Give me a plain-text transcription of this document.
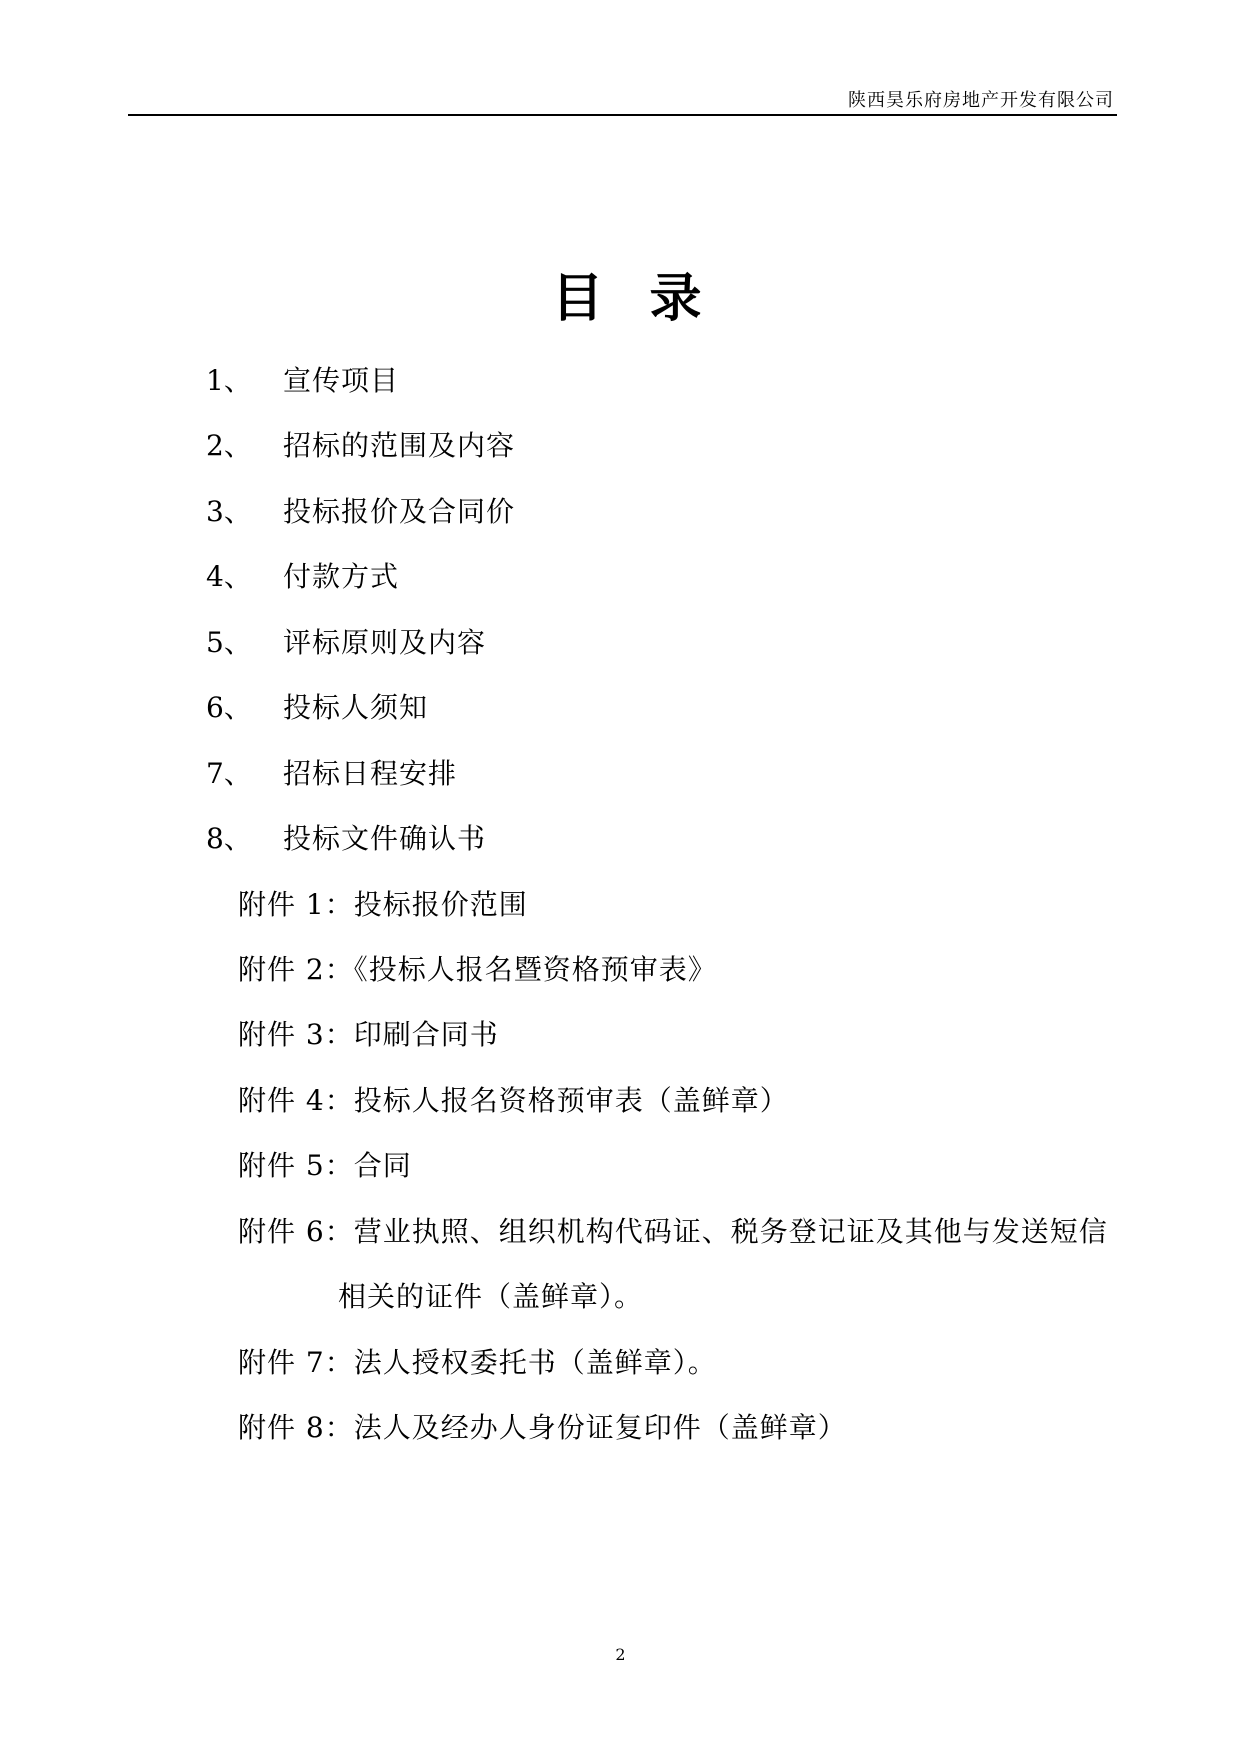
陕西昊乐府房地产开发有限公司
目 录
1、 宣传项目
2、 招标的范围及内容
3、 投标报价及合同价
4、 付款方式
5、 评标原则及内容
6、 投标人须知
7、 招标日程安排
8、 投标文件确认书
附件 1：投标报价范围
附件 2：《投标人报名暨资格预审表》
附件 3：印刷合同书
附件 4：投标人报名资格预审表（盖鲜章）
附件 5：合同
附件 6：营业执照、组织机构代码证、税务登记证及其他与发送短信
相关的证件（盖鲜章）。
附件 7：法人授权委托书（盖鲜章）。
附件 8：法人及经办人身份证复印件（盖鲜章）
2
